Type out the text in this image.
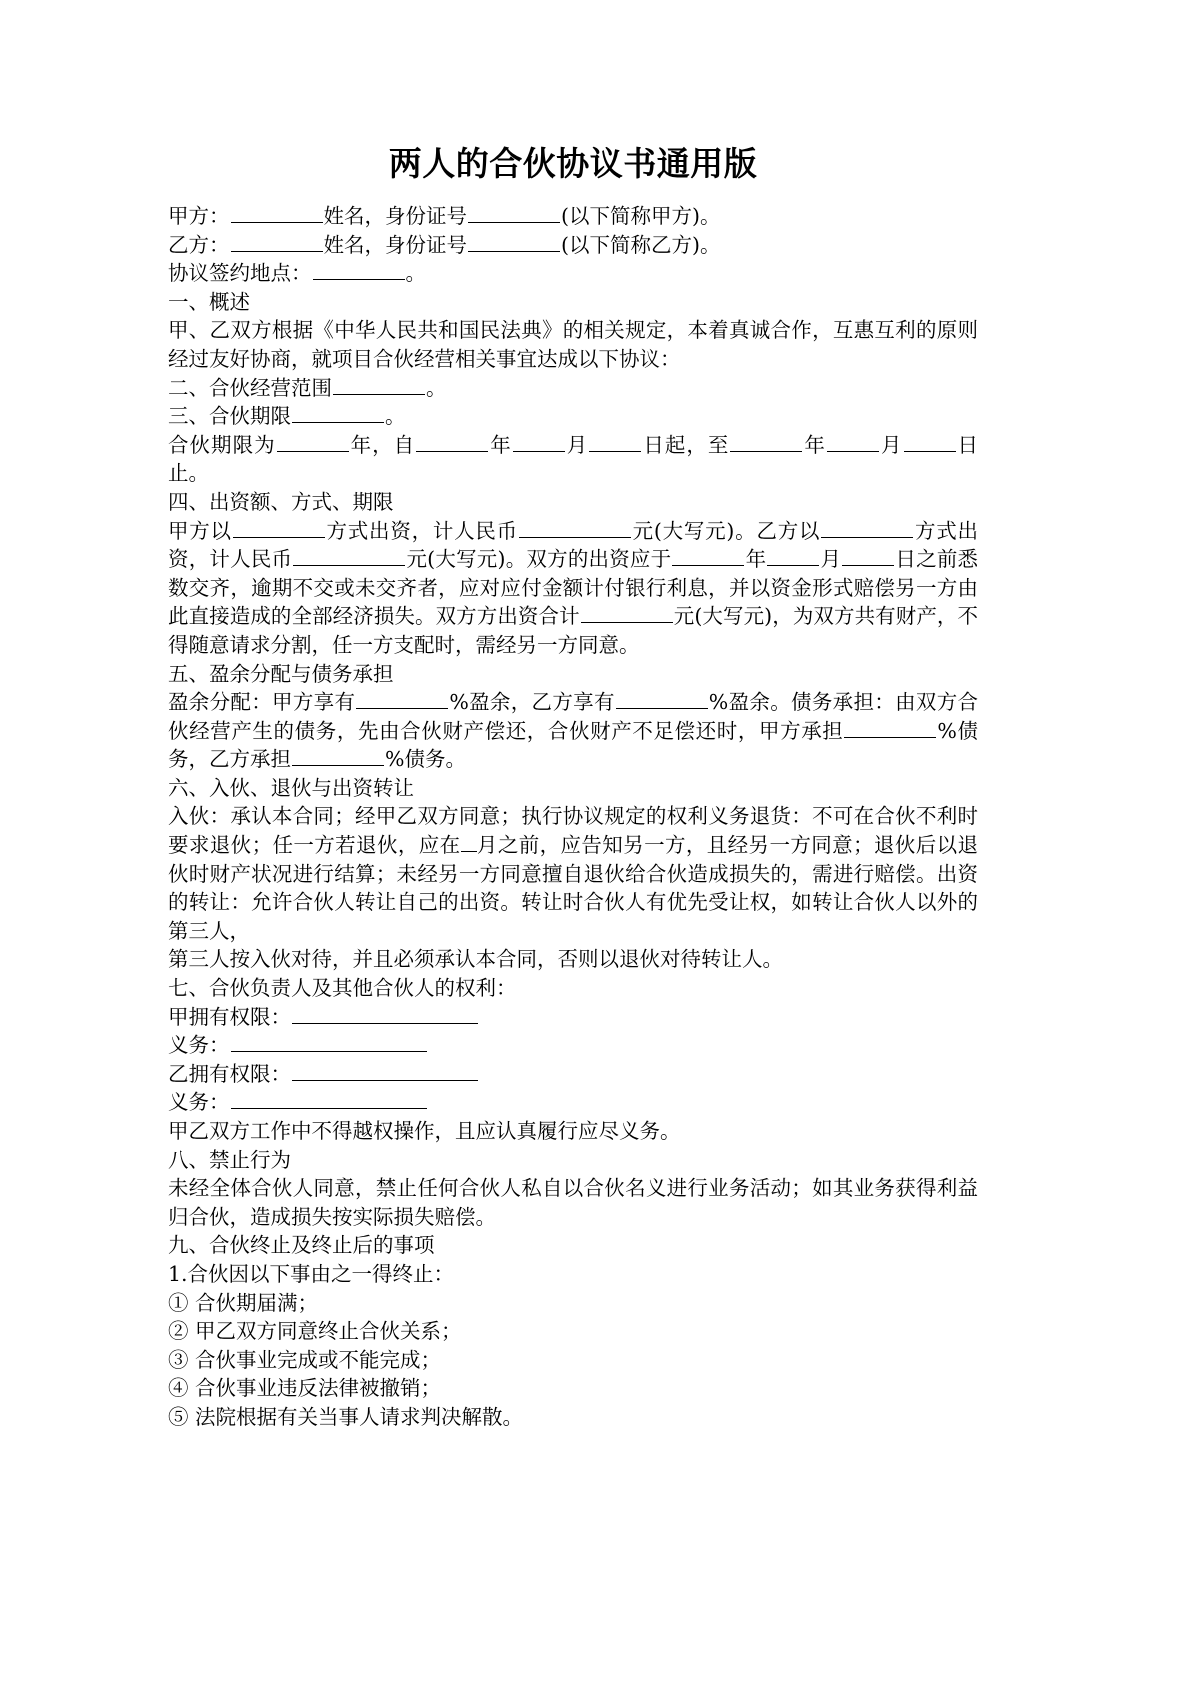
两人的合伙协议书通用版

甲方：	姓名，身份证号	(以下简称甲方)。

乙方：	姓名，身份证号	(以下简称乙方)。

协议签约地点：	。

一、概述

甲、乙双方根据《中华人民共和国民法典》的相关规定，本着真诚合作，互惠互利的原则经过友好协商，就项目合伙经营相关事宜达成以下协议：

二、合伙经营范围	。

三、合伙期限	。

合伙期限为	年，自	年	月	日起，至	年	月	日止。

四、出资额、方式、期限

甲方以	方式出资，计人民币	元(大写元)。乙方以	方式出资，计人民币	元(大写元)。双方的出资应于	年	月	日之前悉数交齐，逾期不交或未交齐者，应对应付金额计付银行利息，并以资金形式赔偿另一方由此直接造成的全部经济损失。双方方出资合计	元(大写元)，为双方共有财产，不得随意请求分割，任一方支配时，需经另一方同意。

五、盈余分配与债务承担

盈余分配：甲方享有	%盈余，乙方享有	%盈余。债务承担：由双方合伙经营产生的债务，先由合伙财产偿还，合伙财产不足偿还时，甲方承担	%债务，乙方承担	%债务。

六、入伙、退伙与出资转让

入伙：承认本合同；经甲乙双方同意；执行协议规定的权利义务退货：不可在合伙不利时要求退伙；任一方若退伙，应在 月之前，应告知另一方，且经另一方同意；退伙后以退伙时财产状况进行结算；未经另一方同意擅自退伙给合伙造成损失的，需进行赔偿。出资的转让：允许合伙人转让自己的出资。转让时合伙人有优先受让权，如转让合伙人以外的第三人，

第三人按入伙对待，并且必须承认本合同，否则以退伙对待转让人。

七、合伙负责人及其他合伙人的权利：

甲拥有权限：

义务：

乙拥有权限：

义务：

甲乙双方工作中不得越权操作，且应认真履行应尽义务。

八、禁止行为

未经全体合伙人同意，禁止任何合伙人私自以合伙名义进行业务活动；如其业务获得利益归合伙，造成损失按实际损失赔偿。

九、合伙终止及终止后的事项

1.合伙因以下事由之一得终止：

① 合伙期届满；

② 甲乙双方同意终止合伙关系；

③ 合伙事业完成或不能完成；

④ 合伙事业违反法律被撤销；

⑤ 法院根据有关当事人请求判决解散。
